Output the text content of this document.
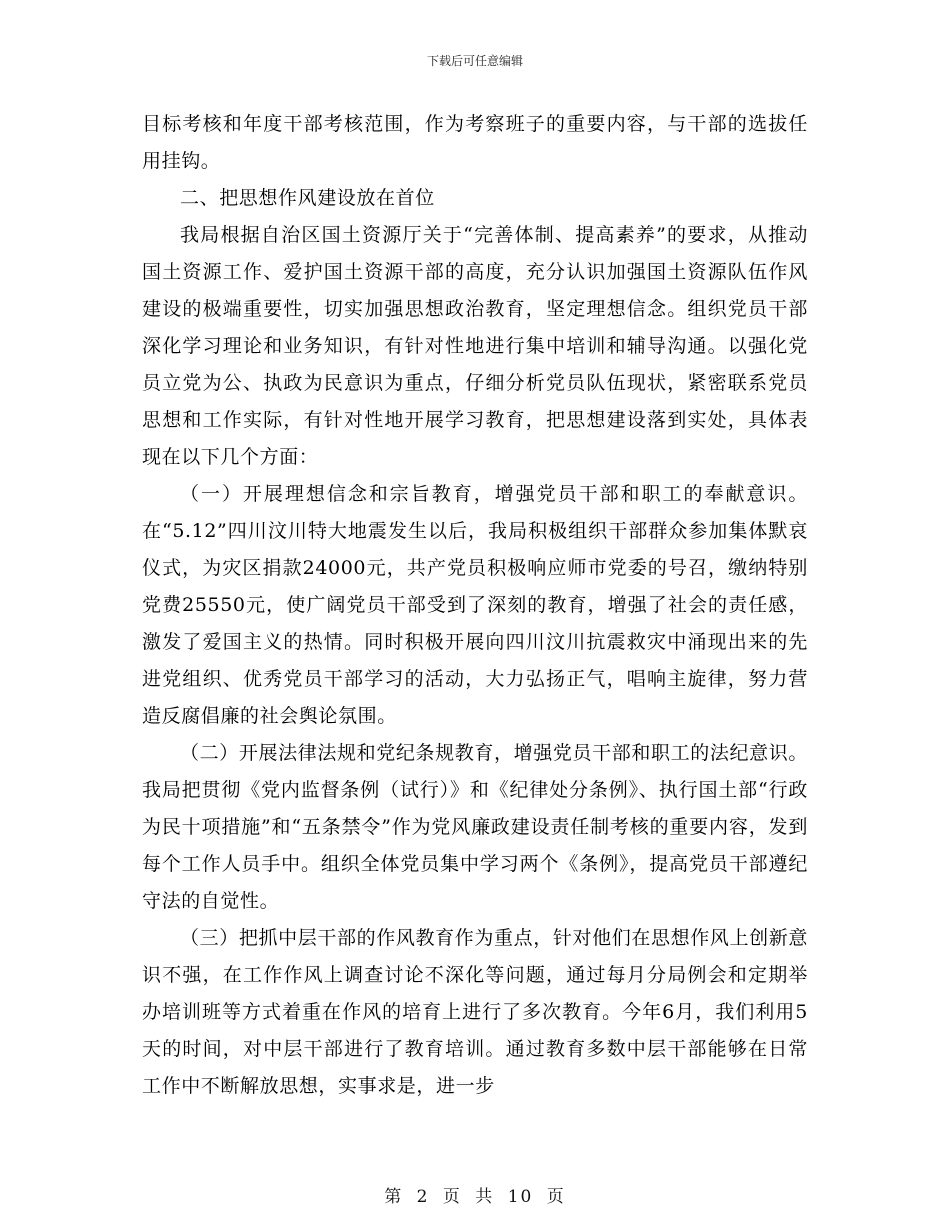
下载后可任意编辑

目标考核和年度干部考核范围，作为考察班子的重要内容，与干部的选拔任用挂钩。

二、把思想作风建设放在首位

我局根据自治区国土资源厅关于“完善体制、提高素养”的要求，从推动国土资源工作、爱护国土资源干部的高度，充分认识加强国土资源队伍作风建设的极端重要性，切实加强思想政治教育，坚定理想信念。组织党员干部深化学习理论和业务知识，有针对性地进行集中培训和辅导沟通。以强化党员立党为公、执政为民意识为重点，仔细分析党员队伍现状，紧密联系党员思想和工作实际，有针对性地开展学习教育，把思想建设落到实处，具体表现在以下几个方面：

（一）开展理想信念和宗旨教育，增强党员干部和职工的奉献意识。在“5.12”四川汶川特大地震发生以后，我局积极组织干部群众参加集体默哀仪式，为灾区捐款24000元，共产党员积极响应师市党委的号召，缴纳特别党费25550元，使广阔党员干部受到了深刻的教育，增强了社会的责任感，激发了爱国主义的热情。同时积极开展向四川汶川抗震救灾中涌现出来的先进党组织、优秀党员干部学习的活动，大力弘扬正气，唱响主旋律，努力营造反腐倡廉的社会舆论氛围。

（二）开展法律法规和党纪条规教育，增强党员干部和职工的法纪意识。我局把贯彻《党内监督条例（试行）》和《纪律处分条例》、执行国土部“行政为民十项措施”和“五条禁令”作为党风廉政建设责任制考核的重要内容，发到每个工作人员手中。组织全体党员集中学习两个《条例》，提高党员干部遵纪守法的自觉性。

（三）把抓中层干部的作风教育作为重点，针对他们在思想作风上创新意识不强，在工作作风上调查讨论不深化等问题，通过每月分局例会和定期举办培训班等方式着重在作风的培育上进行了多次教育。今年6月，我们利用5天的时间，对中层干部进行了教育培训。通过教育多数中层干部能够在日常工作中不断解放思想，实事求是，进一步

第 2 页 共 10 页
